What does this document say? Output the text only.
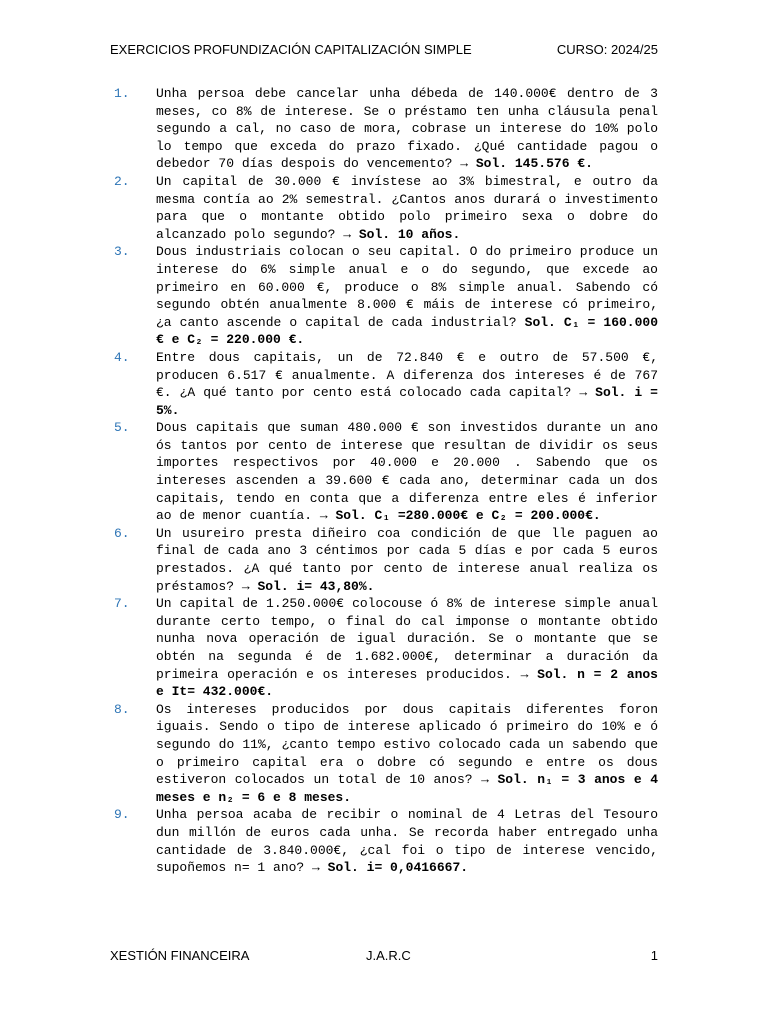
EXERCICIOS PROFUNDIZACIÓN CAPITALIZACIÓN SIMPLE	CURSO: 2024/25
1.	Unha persoa debe cancelar unha débeda de 140.000€ dentro de 3 meses, co 8% de interese. Se o préstamo ten unha cláusula penal segundo a cal, no caso de mora, cobrase un interese do 10% polo lo tempo que exceda do prazo fixado. ¿Qué cantidade pagou o debedor 70 días despois do vencemento? → Sol. 145.576 €.
2.	Un capital de 30.000 € invístese ao 3% bimestral, e outro da mesma contía ao 2% semestral. ¿Cantos anos durará o investimento para que o montante obtido polo primeiro sexa o dobre do alcanzado polo segundo? → Sol. 10 años.
3.	Dous industriais colocan o seu capital. O do primeiro produce un interese do 6% simple anual e o do segundo, que excede ao primeiro en 60.000 €, produce o 8% simple anual. Sabendo có segundo obtén anualmente 8.000 € máis de interese có primeiro, ¿a canto ascende o capital de cada industrial? Sol. C₁ = 160.000 € e C₂ = 220.000 €.
4.	Entre dous capitais, un de 72.840 € e outro de 57.500 €, producen 6.517 € anualmente. A diferenza dos intereses é de 767 €. ¿A qué tanto por cento está colocado cada capital? → Sol. i = 5%.
5.	Dous capitais que suman 480.000 € son investidos durante un ano ós tantos por cento de interese que resultan de dividir os seus importes respectivos por 40.000 e 20.000 . Sabendo que os intereses ascenden a 39.600 € cada ano, determinar cada un dos capitais, tendo en conta que a diferenza entre eles é inferior ao de menor cuantía. → Sol. C₁ =280.000€ e C₂ = 200.000€.
6.	Un usureiro presta diñeiro coa condición de que lle paguen ao final de cada ano 3 céntimos por cada 5 días e por cada 5 euros prestados. ¿A qué tanto por cento de interese anual realiza os préstamos? → Sol. i= 43,80%.
7.	Un capital de 1.250.000€ colocouse ó 8% de interese simple anual durante certo tempo, o final do cal imponse o montante obtido nunha nova operación de igual duración. Se o montante que se obtén na segunda é de 1.682.000€, determinar a duración da primeira operación e os intereses producidos. → Sol. n = 2 anos e It= 432.000€.
8.	Os intereses producidos por dous capitais diferentes foron iguais. Sendo o tipo de interese aplicado ó primeiro do 10% e ó segundo do 11%, ¿canto tempo estivo colocado cada un sabendo que o primeiro capital era o dobre có segundo e entre os dous estiveron colocados un total de 10 anos? → Sol. n₁ = 3 anos e 4 meses e n₂ = 6 e 8 meses.
9.	Unha persoa acaba de recibir o nominal de 4 Letras del Tesouro dun millón de euros cada unha. Se recorda haber entregado unha cantidade de 3.840.000€, ¿cal foi o tipo de interese vencido, supoñemos n= 1 ano? → Sol. i= 0,0416667.
XESTIÓN FINANCEIRA	J.A.R.C	1
